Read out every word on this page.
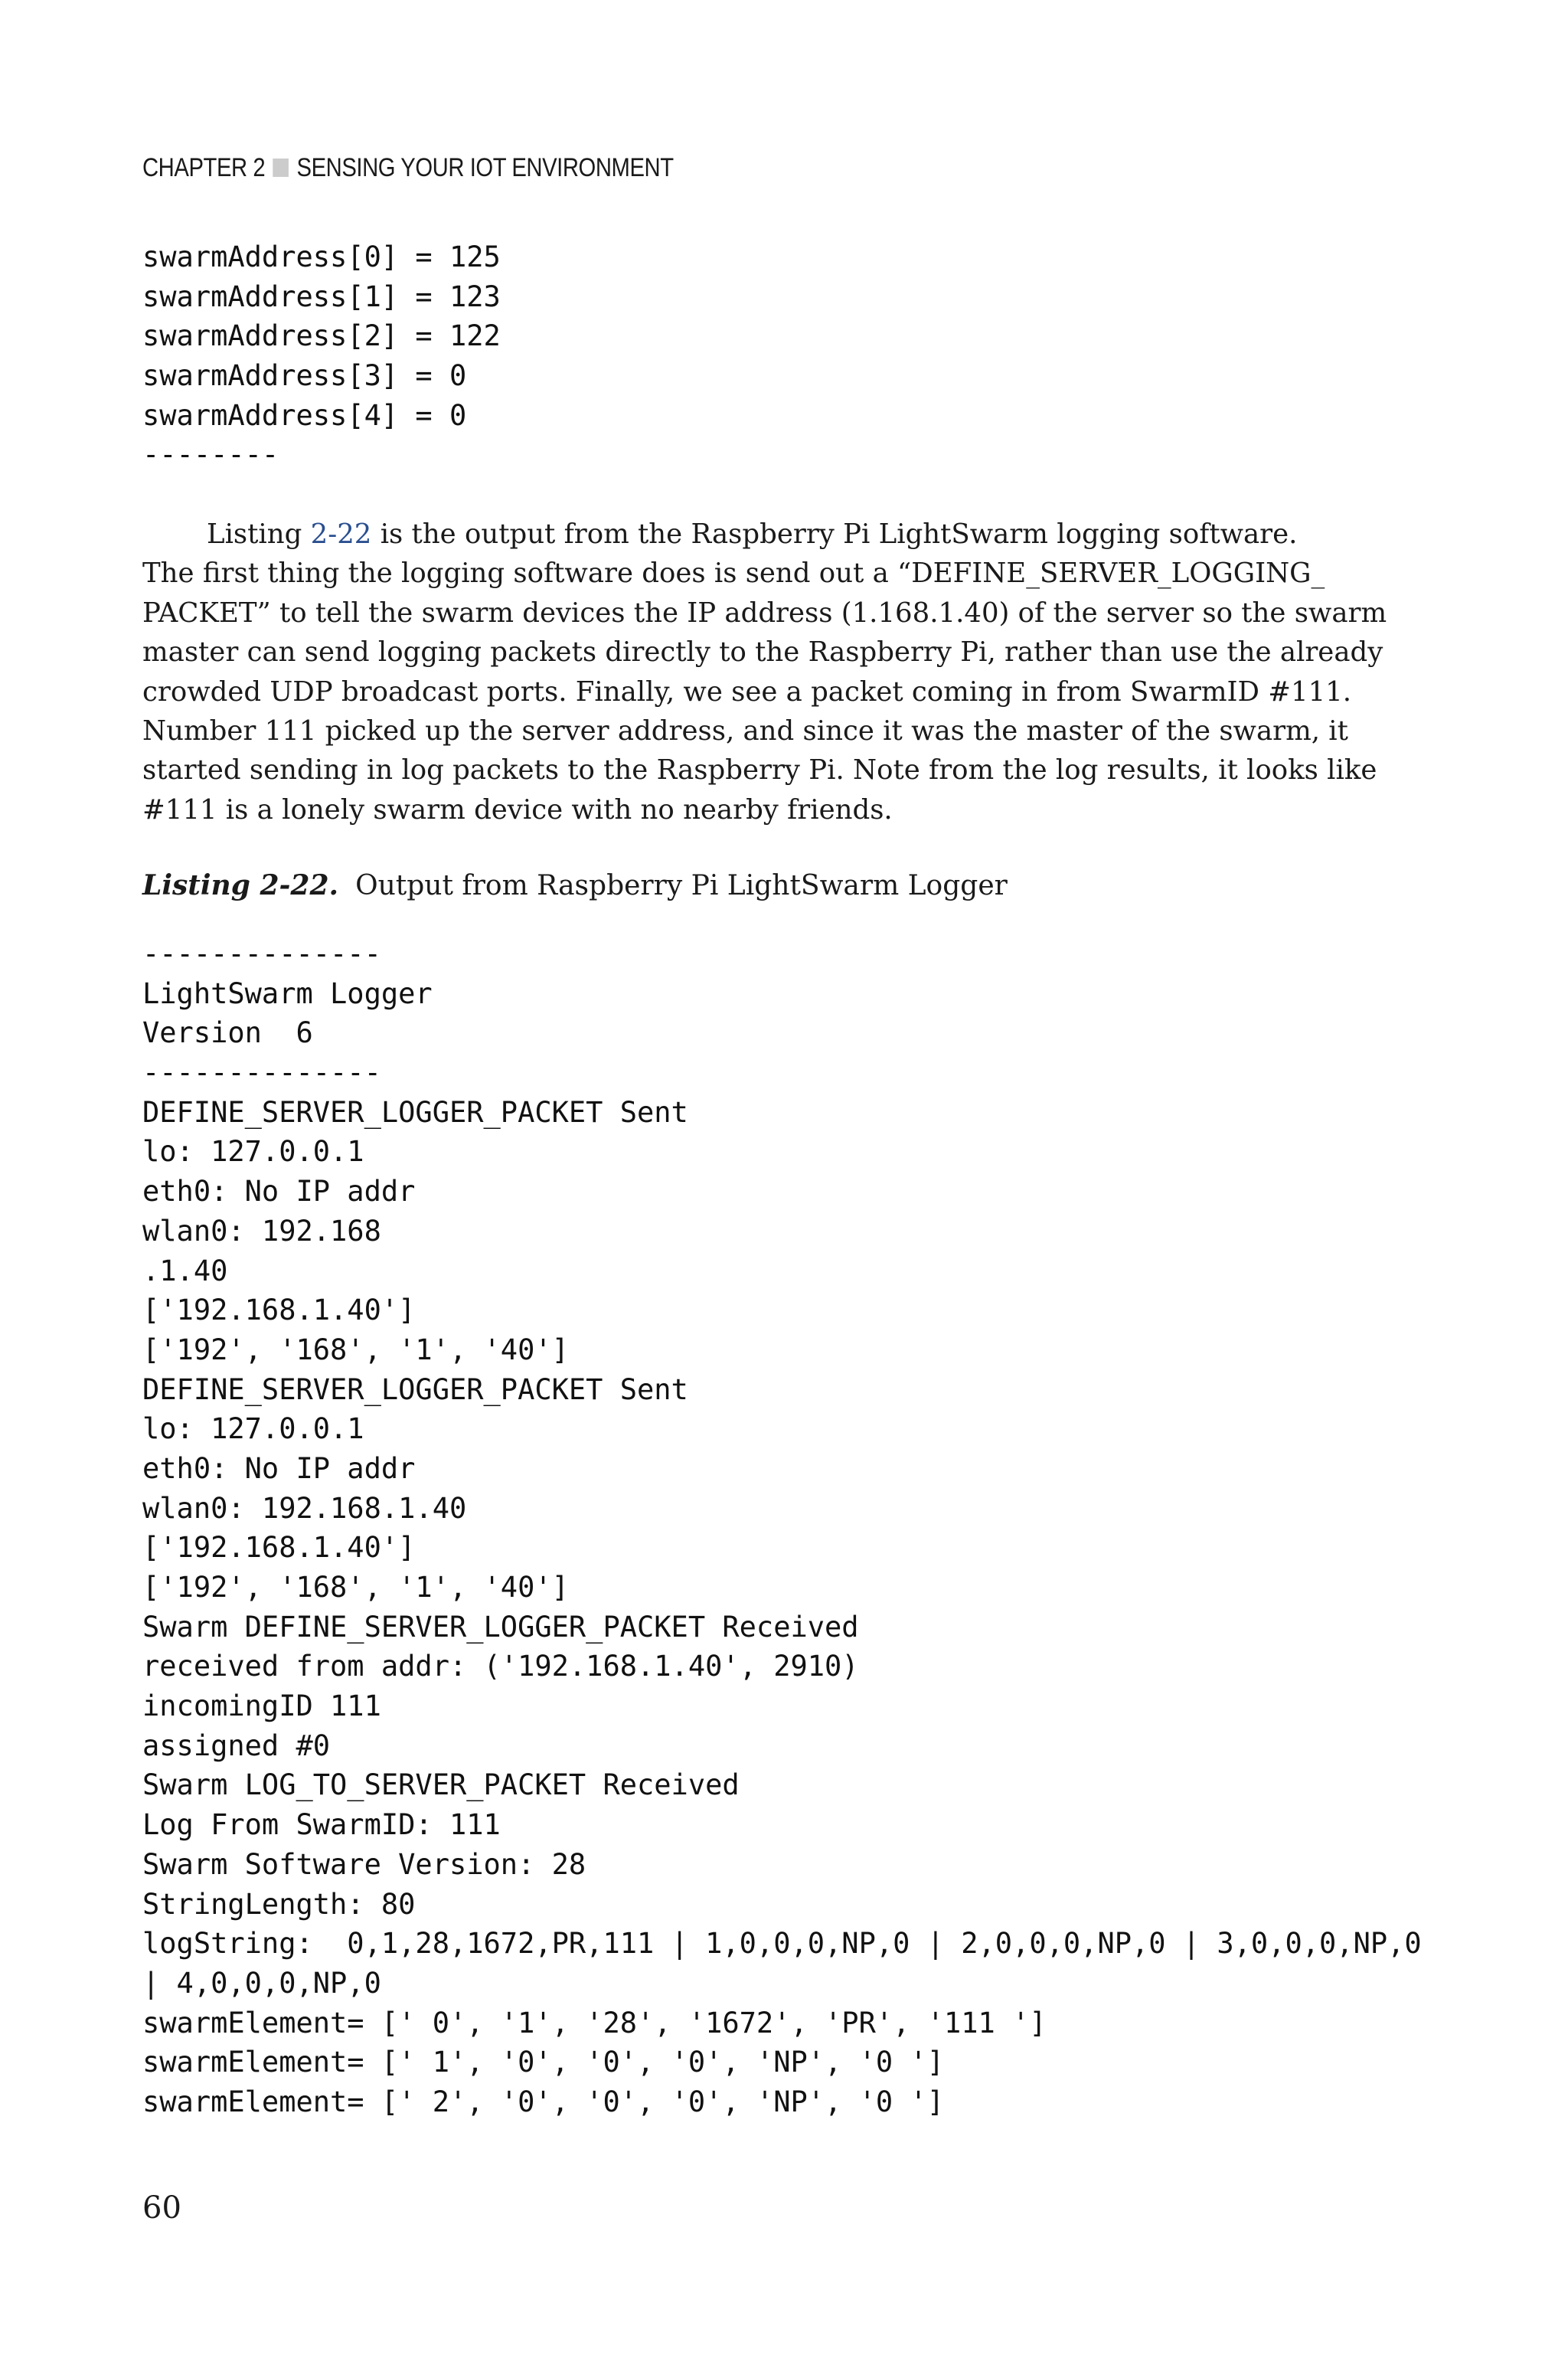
CHAPTER 2 SENSING YOUR IOT ENVIRONMENT
swarmAddress[0] = 125
swarmAddress[1] = 123
swarmAddress[2] = 122
swarmAddress[3] = 0
swarmAddress[4] = 0
--------
Listing 2-22 is the output from the Raspberry Pi LightSwarm logging software.
The first thing the logging software does is send out a “DEFINE_SERVER_LOGGING_
PACKET” to tell the swarm devices the IP address (1.168.1.40) of the server so the swarm
master can send logging packets directly to the Raspberry Pi, rather than use the already
crowded UDP broadcast ports. Finally, we see a packet coming in from SwarmID #111.
Number 111 picked up the server address, and since it was the master of the swarm, it
started sending in log packets to the Raspberry Pi. Note from the log results, it looks like
#111 is a lonely swarm device with no nearby friends.
Listing 2-22. Output from Raspberry Pi LightSwarm Logger
--------------
LightSwarm Logger
Version  6
--------------
DEFINE_SERVER_LOGGER_PACKET Sent
lo: 127.0.0.1
eth0: No IP addr
wlan0: 192.168
.1.40
['192.168.1.40']
['192', '168', '1', '40']
DEFINE_SERVER_LOGGER_PACKET Sent
lo: 127.0.0.1
eth0: No IP addr
wlan0: 192.168.1.40
['192.168.1.40']
['192', '168', '1', '40']
Swarm DEFINE_SERVER_LOGGER_PACKET Received
received from addr: ('192.168.1.40', 2910)
incomingID 111
assigned #0
Swarm LOG_TO_SERVER_PACKET Received
Log From SwarmID: 111
Swarm Software Version: 28
StringLength: 80
logString:  0,1,28,1672,PR,111 | 1,0,0,0,NP,0 | 2,0,0,0,NP,0 | 3,0,0,0,NP,0
| 4,0,0,0,NP,0
swarmElement= [' 0', '1', '28', '1672', 'PR', '111 ']
swarmElement= [' 1', '0', '0', '0', 'NP', '0 ']
swarmElement= [' 2', '0', '0', '0', 'NP', '0 ']
60
